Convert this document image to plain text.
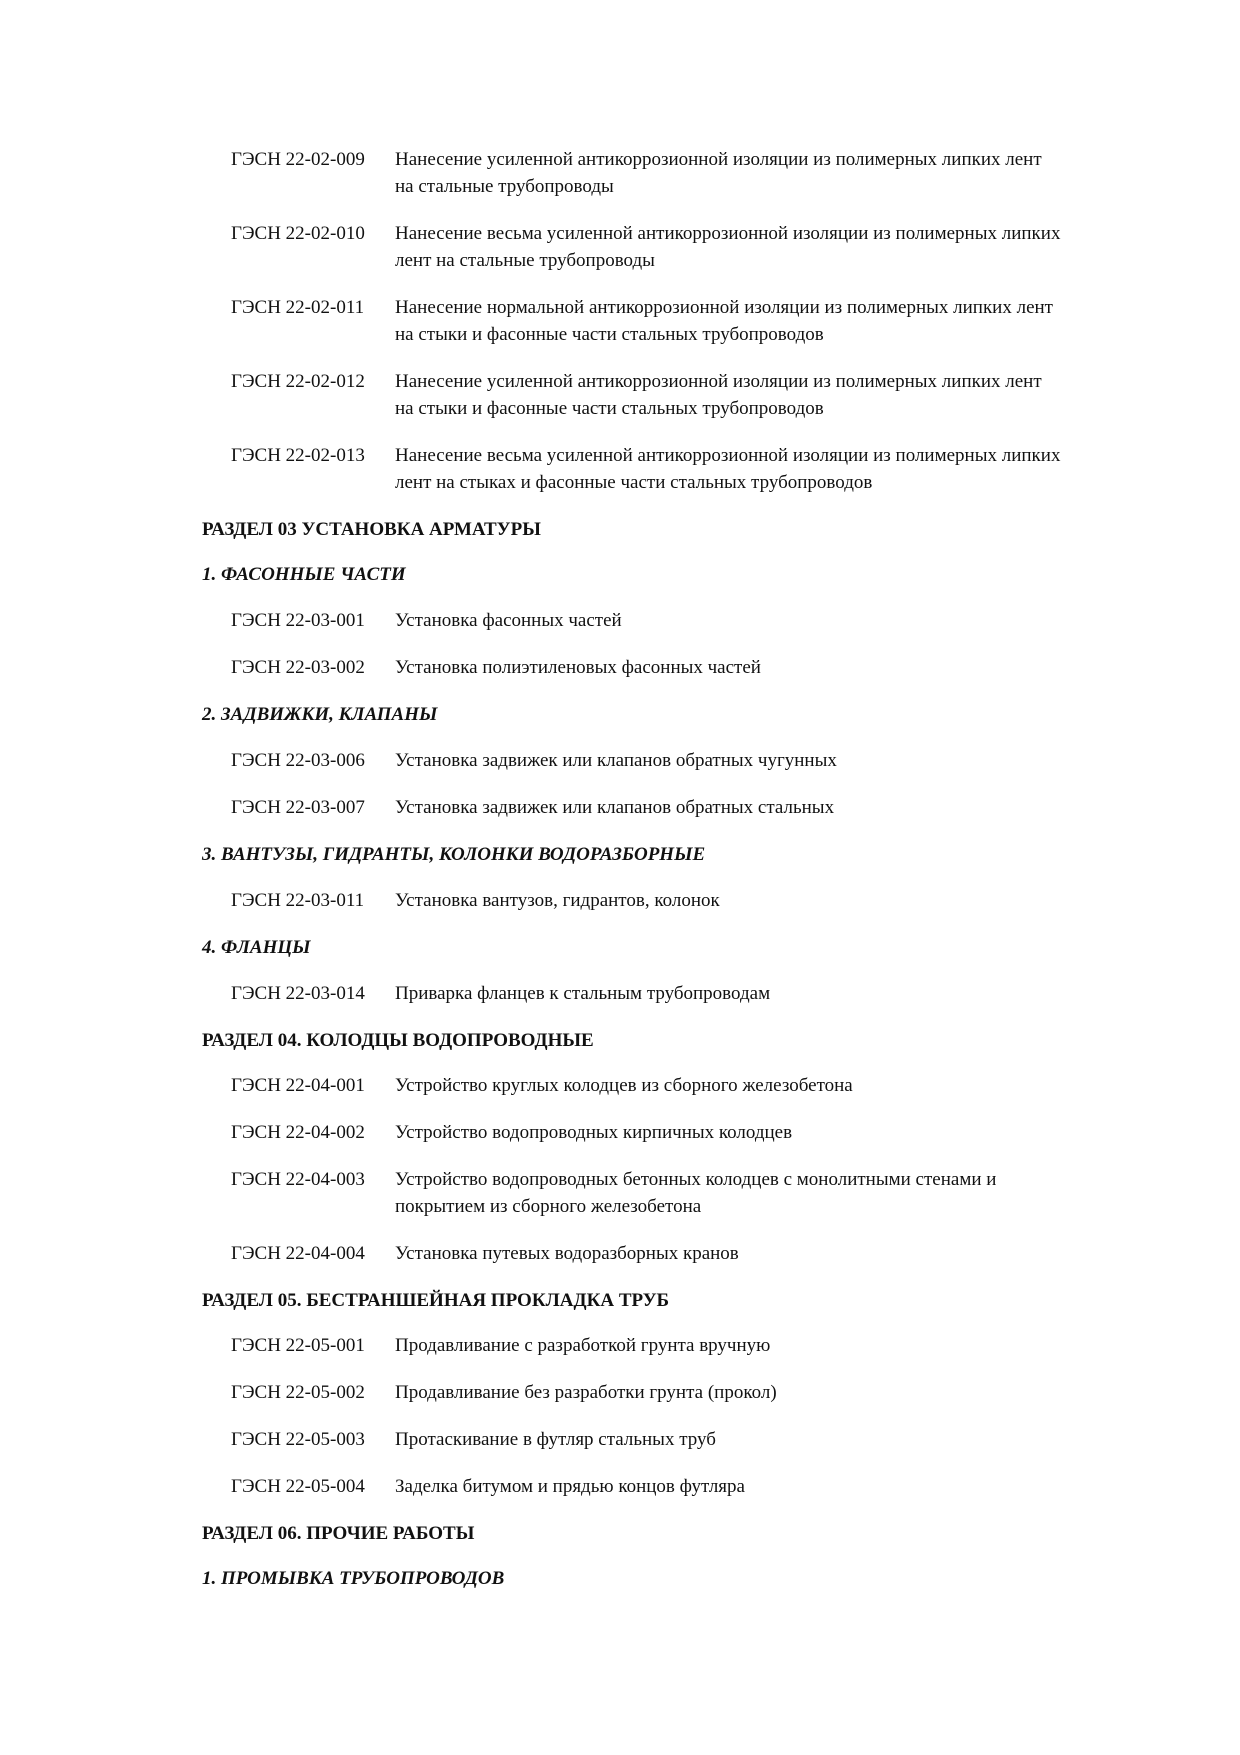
ГЭСН 22-02-009	Нанесение усиленной антикоррозионной изоляции из полимерных липких лент на стальные трубопроводы
ГЭСН 22-02-010	Нанесение весьма усиленной антикоррозионной изоляции из полимерных липких лент на стальные трубопроводы
ГЭСН 22-02-011	Нанесение нормальной антикоррозионной изоляции из полимерных липких лент на стыки и фасонные части стальных трубопроводов
ГЭСН 22-02-012	Нанесение усиленной антикоррозионной изоляции из полимерных липких лент на стыки и фасонные части стальных трубопроводов
ГЭСН 22-02-013	Нанесение весьма усиленной антикоррозионной изоляции из полимерных липких лент на стыках и фасонные части стальных трубопроводов
РАЗДЕЛ 03 УСТАНОВКА АРМАТУРЫ
1. ФАСОННЫЕ ЧАСТИ
ГЭСН 22-03-001	Установка фасонных частей
ГЭСН 22-03-002	Установка полиэтиленовых фасонных частей
2. ЗАДВИЖКИ, КЛАПАНЫ
ГЭСН 22-03-006	Установка задвижек или клапанов обратных чугунных
ГЭСН 22-03-007	Установка задвижек или клапанов обратных стальных
3. ВАНТУЗЫ, ГИДРАНТЫ, КОЛОНКИ ВОДОРАЗБОРНЫЕ
ГЭСН 22-03-011	Установка вантузов, гидрантов, колонок
4. ФЛАНЦЫ
ГЭСН 22-03-014	Приварка фланцев к стальным трубопроводам
РАЗДЕЛ 04. КОЛОДЦЫ ВОДОПРОВОДНЫЕ
ГЭСН 22-04-001	Устройство круглых колодцев из сборного железобетона
ГЭСН 22-04-002	Устройство водопроводных кирпичных колодцев
ГЭСН 22-04-003	Устройство водопроводных бетонных колодцев с монолитными стенами и покрытием из сборного железобетона
ГЭСН 22-04-004	Установка путевых водоразборных кранов
РАЗДЕЛ 05. БЕСТРАНШЕЙНАЯ ПРОКЛАДКА ТРУБ
ГЭСН 22-05-001	Продавливание с разработкой грунта вручную
ГЭСН 22-05-002	Продавливание без разработки грунта (прокол)
ГЭСН 22-05-003	Протаскивание в футляр стальных труб
ГЭСН 22-05-004	Заделка битумом и прядью концов футляра
РАЗДЕЛ 06. ПРОЧИЕ РАБОТЫ
1. ПРОМЫВКА ТРУБОПРОВОДОВ
